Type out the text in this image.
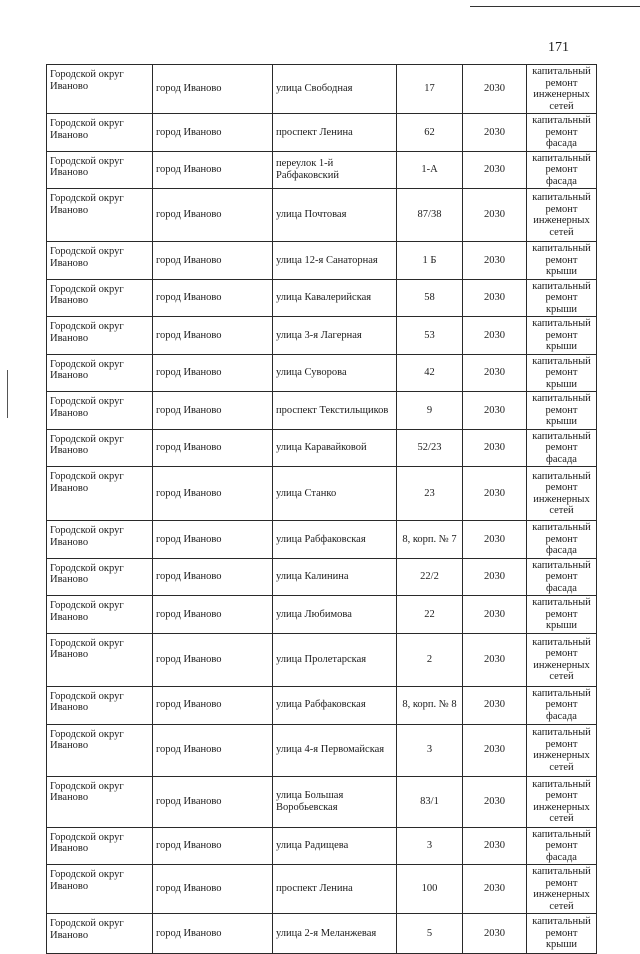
171
Городской округ Иваново	город Иваново	улица Свободная	17	2030	капитальный ремонт инженерных сетей
Городской округ Иваново	город Иваново	проспект Ленина	62	2030	капитальный ремонт фасада
Городской округ Иваново	город Иваново	переулок 1-й Рабфаковский	1-А	2030	капитальный ремонт фасада
Городской округ Иваново	город Иваново	улица Почтовая	87/38	2030	капитальный ремонт инженерных сетей
Городской округ Иваново	город Иваново	улица 12-я Санаторная	1 Б	2030	капитальный ремонт крыши
Городской округ Иваново	город Иваново	улица Кавалерийская	58	2030	капитальный ремонт крыши
Городской округ Иваново	город Иваново	улица 3-я Лагерная	53	2030	капитальный ремонт крыши
Городской округ Иваново	город Иваново	улица Суворова	42	2030	капитальный ремонт крыши
Городской округ Иваново	город Иваново	проспект Текстильщиков	9	2030	капитальный ремонт крыши
Городской округ Иваново	город Иваново	улица Каравайковой	52/23	2030	капитальный ремонт фасада
Городской округ Иваново	город Иваново	улица Станко	23	2030	капитальный ремонт инженерных сетей
Городской округ Иваново	город Иваново	улица Рабфаковская	8, корп. № 7	2030	капитальный ремонт фасада
Городской округ Иваново	город Иваново	улица Калинина	22/2	2030	капитальный ремонт фасада
Городской округ Иваново	город Иваново	улица Любимова	22	2030	капитальный ремонт крыши
Городской округ Иваново	город Иваново	улица Пролетарская	2	2030	капитальный ремонт инженерных сетей
Городской округ Иваново	город Иваново	улица Рабфаковская	8, корп. № 8	2030	капитальный ремонт фасада
Городской округ Иваново	город Иваново	улица 4-я Первомайская	3	2030	капитальный ремонт инженерных сетей
Городской округ Иваново	город Иваново	улица Большая Воробьевская	83/1	2030	капитальный ремонт инженерных сетей
Городской округ Иваново	город Иваново	улица Радищева	3	2030	капитальный ремонт фасада
Городской округ Иваново	город Иваново	проспект Ленина	100	2030	капитальный ремонт инженерных сетей
Городской округ Иваново	город Иваново	улица 2-я Меланжевая	5	2030	капитальный ремонт крыши
